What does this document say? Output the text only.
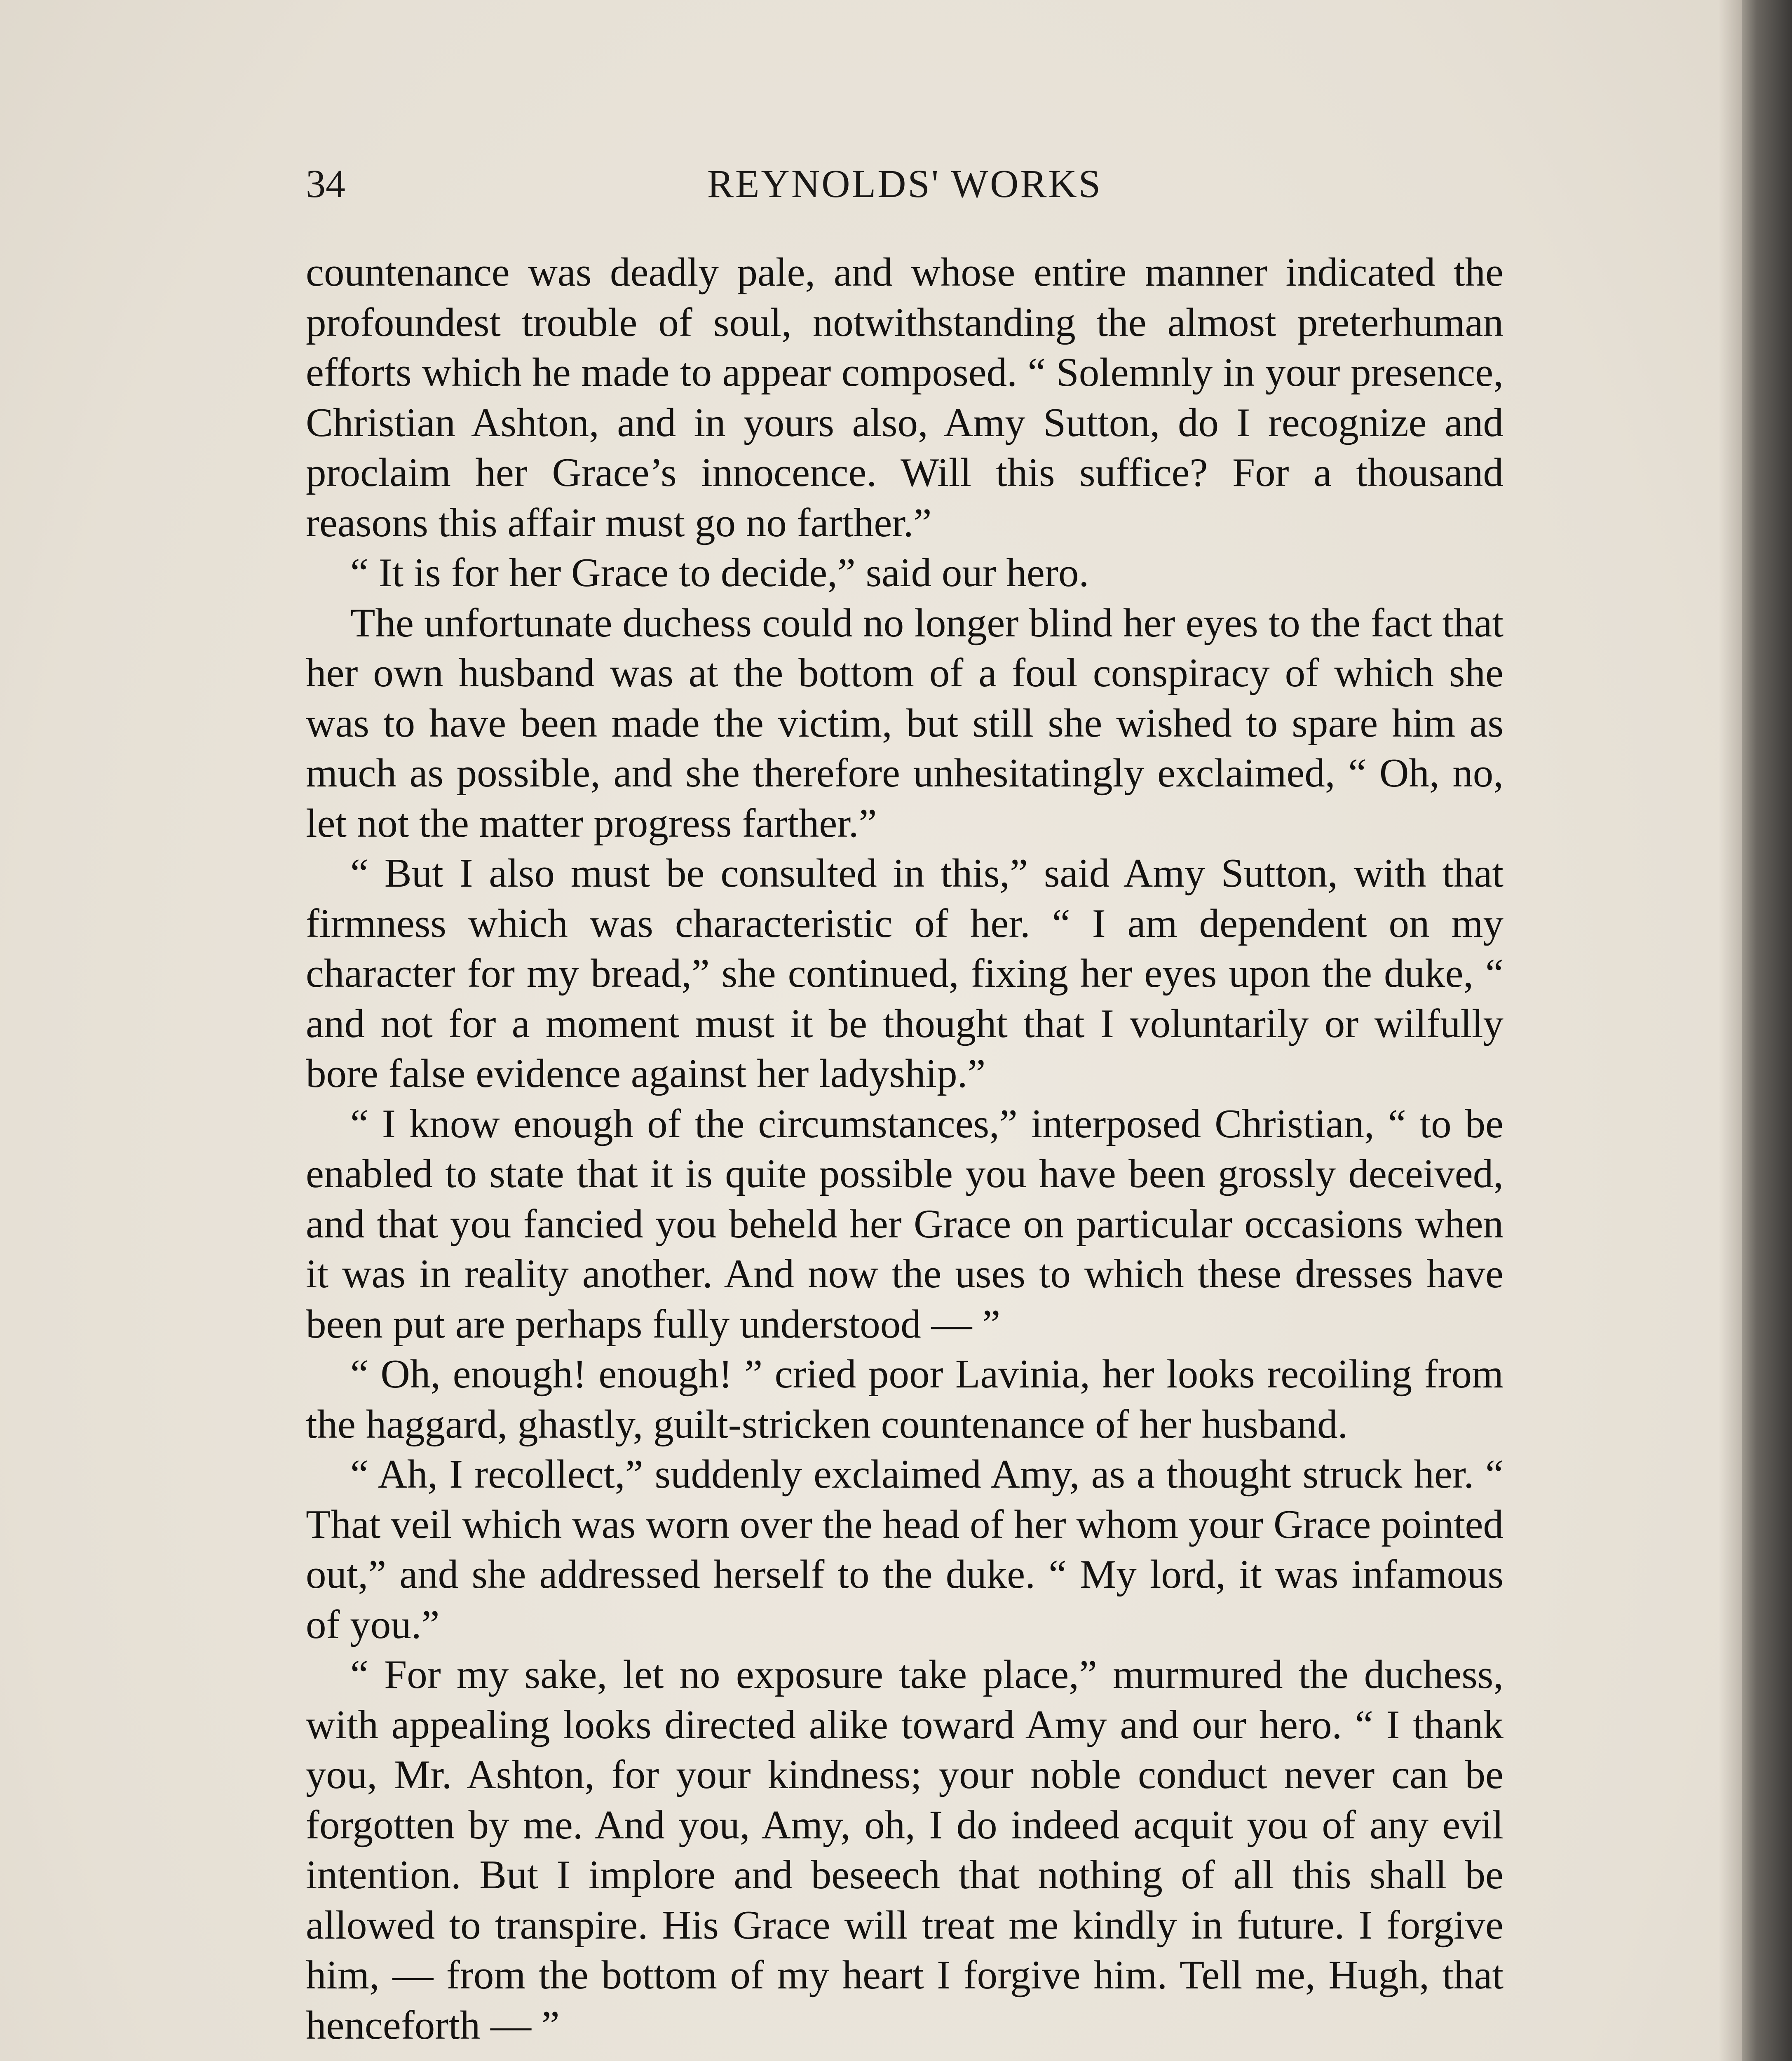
34	REYNOLDS' WORKS

countenance was deadly pale, and whose entire manner indicated the profoundest trouble of soul, notwithstanding the almost preterhuman efforts which he made to appear composed. “ Solemnly in your presence, Christian Ashton, and in yours also, Amy Sutton, do I recognize and proclaim her Grace’s innocence. Will this suffice? For a thousand reasons this affair must go no farther.”

“ It is for her Grace to decide,” said our hero.

The unfortunate duchess could no longer blind her eyes to the fact that her own husband was at the bottom of a foul conspiracy of which she was to have been made the victim, but still she wished to spare him as much as possible, and she therefore unhesitatingly exclaimed, “ Oh, no, let not the matter progress farther.”

“ But I also must be consulted in this,” said Amy Sutton, with that firmness which was characteristic of her. “ I am dependent on my character for my bread,” she continued, fixing her eyes upon the duke, “ and not for a moment must it be thought that I voluntarily or wilfully bore false evidence against her ladyship.”

“ I know enough of the circumstances,” interposed Christian, “ to be enabled to state that it is quite possible you have been grossly deceived, and that you fancied you beheld her Grace on particular occasions when it was in reality another. And now the uses to which these dresses have been put are perhaps fully understood — ”

“ Oh, enough! enough! ” cried poor Lavinia, her looks recoiling from the haggard, ghastly, guilt-stricken countenance of her husband.

“ Ah, I recollect,” suddenly exclaimed Amy, as a thought struck her. “ That veil which was worn over the head of her whom your Grace pointed out,” and she addressed herself to the duke. “ My lord, it was infamous of you.”

“ For my sake, let no exposure take place,” murmured the duchess, with appealing looks directed alike toward Amy and our hero. “ I thank you, Mr. Ashton, for your kindness; your noble conduct never can be forgotten by me. And you, Amy, oh, I do indeed acquit you of any evil intention. But I implore and beseech that nothing of all this shall be allowed to transpire. His Grace will treat me kindly in future. I forgive him, — from the bottom of my heart I forgive him. Tell me, Hugh, that henceforth — ”
